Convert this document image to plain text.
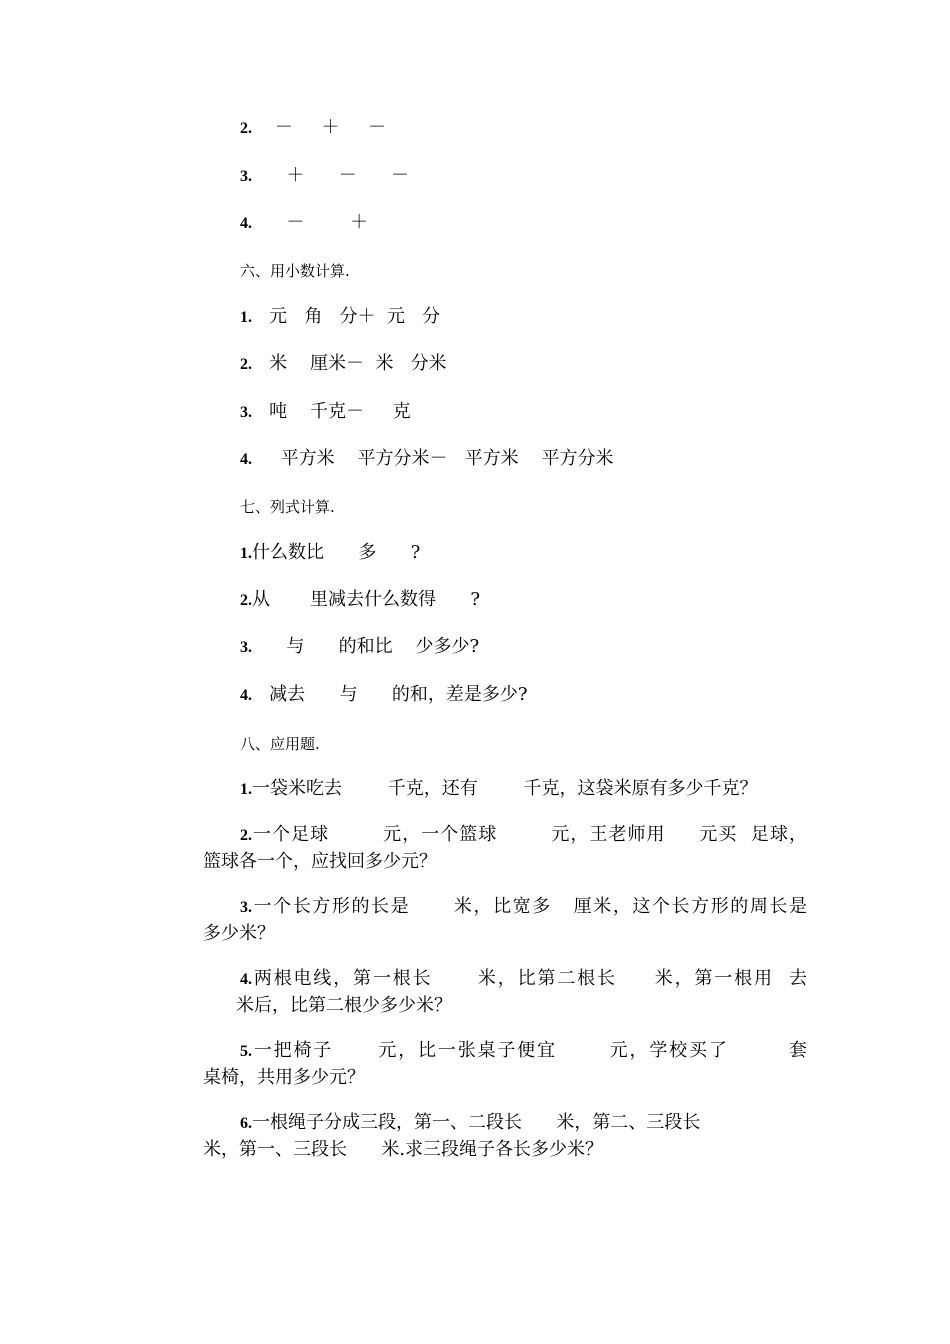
2.    －     ＋     －
3.      ＋      －      －
4.      －        ＋
六、用小数计算.
1.   元   角   分＋  元   分
2.   米    厘米－  米   分米
3.   吨    千克－     克
4.     平方米    平方分米－   平方米    平方分米
七、列式计算.
1.什么数比      多      ?
2.从       里减去什么数得      ?
3.      与      的和比    少多少?
4.   减去      与      的和，差是多少?
八、应用题.
1.一袋米吃去        千克，还有        千克，这袋米原有多少千克？
2.一个足球        元，一个篮球        元，王老师用     元买  足球，
篮球各一个，应找回多少元？
3.一个长方形的长是      米，比宽多   厘米，这个长方形的周长是
多少米？
4.两根电线，第一根长      米，比第二根长     米，第一根用  去
米后，比第二根少多少米？
5.一把椅子      元，比一张桌子便宜       元，学校买了        套
桌椅，共用多少元？
6.一根绳子分成三段，第一、二段长      米，第二、三段长
米，第一、三段长      米.求三段绳子各长多少米？
